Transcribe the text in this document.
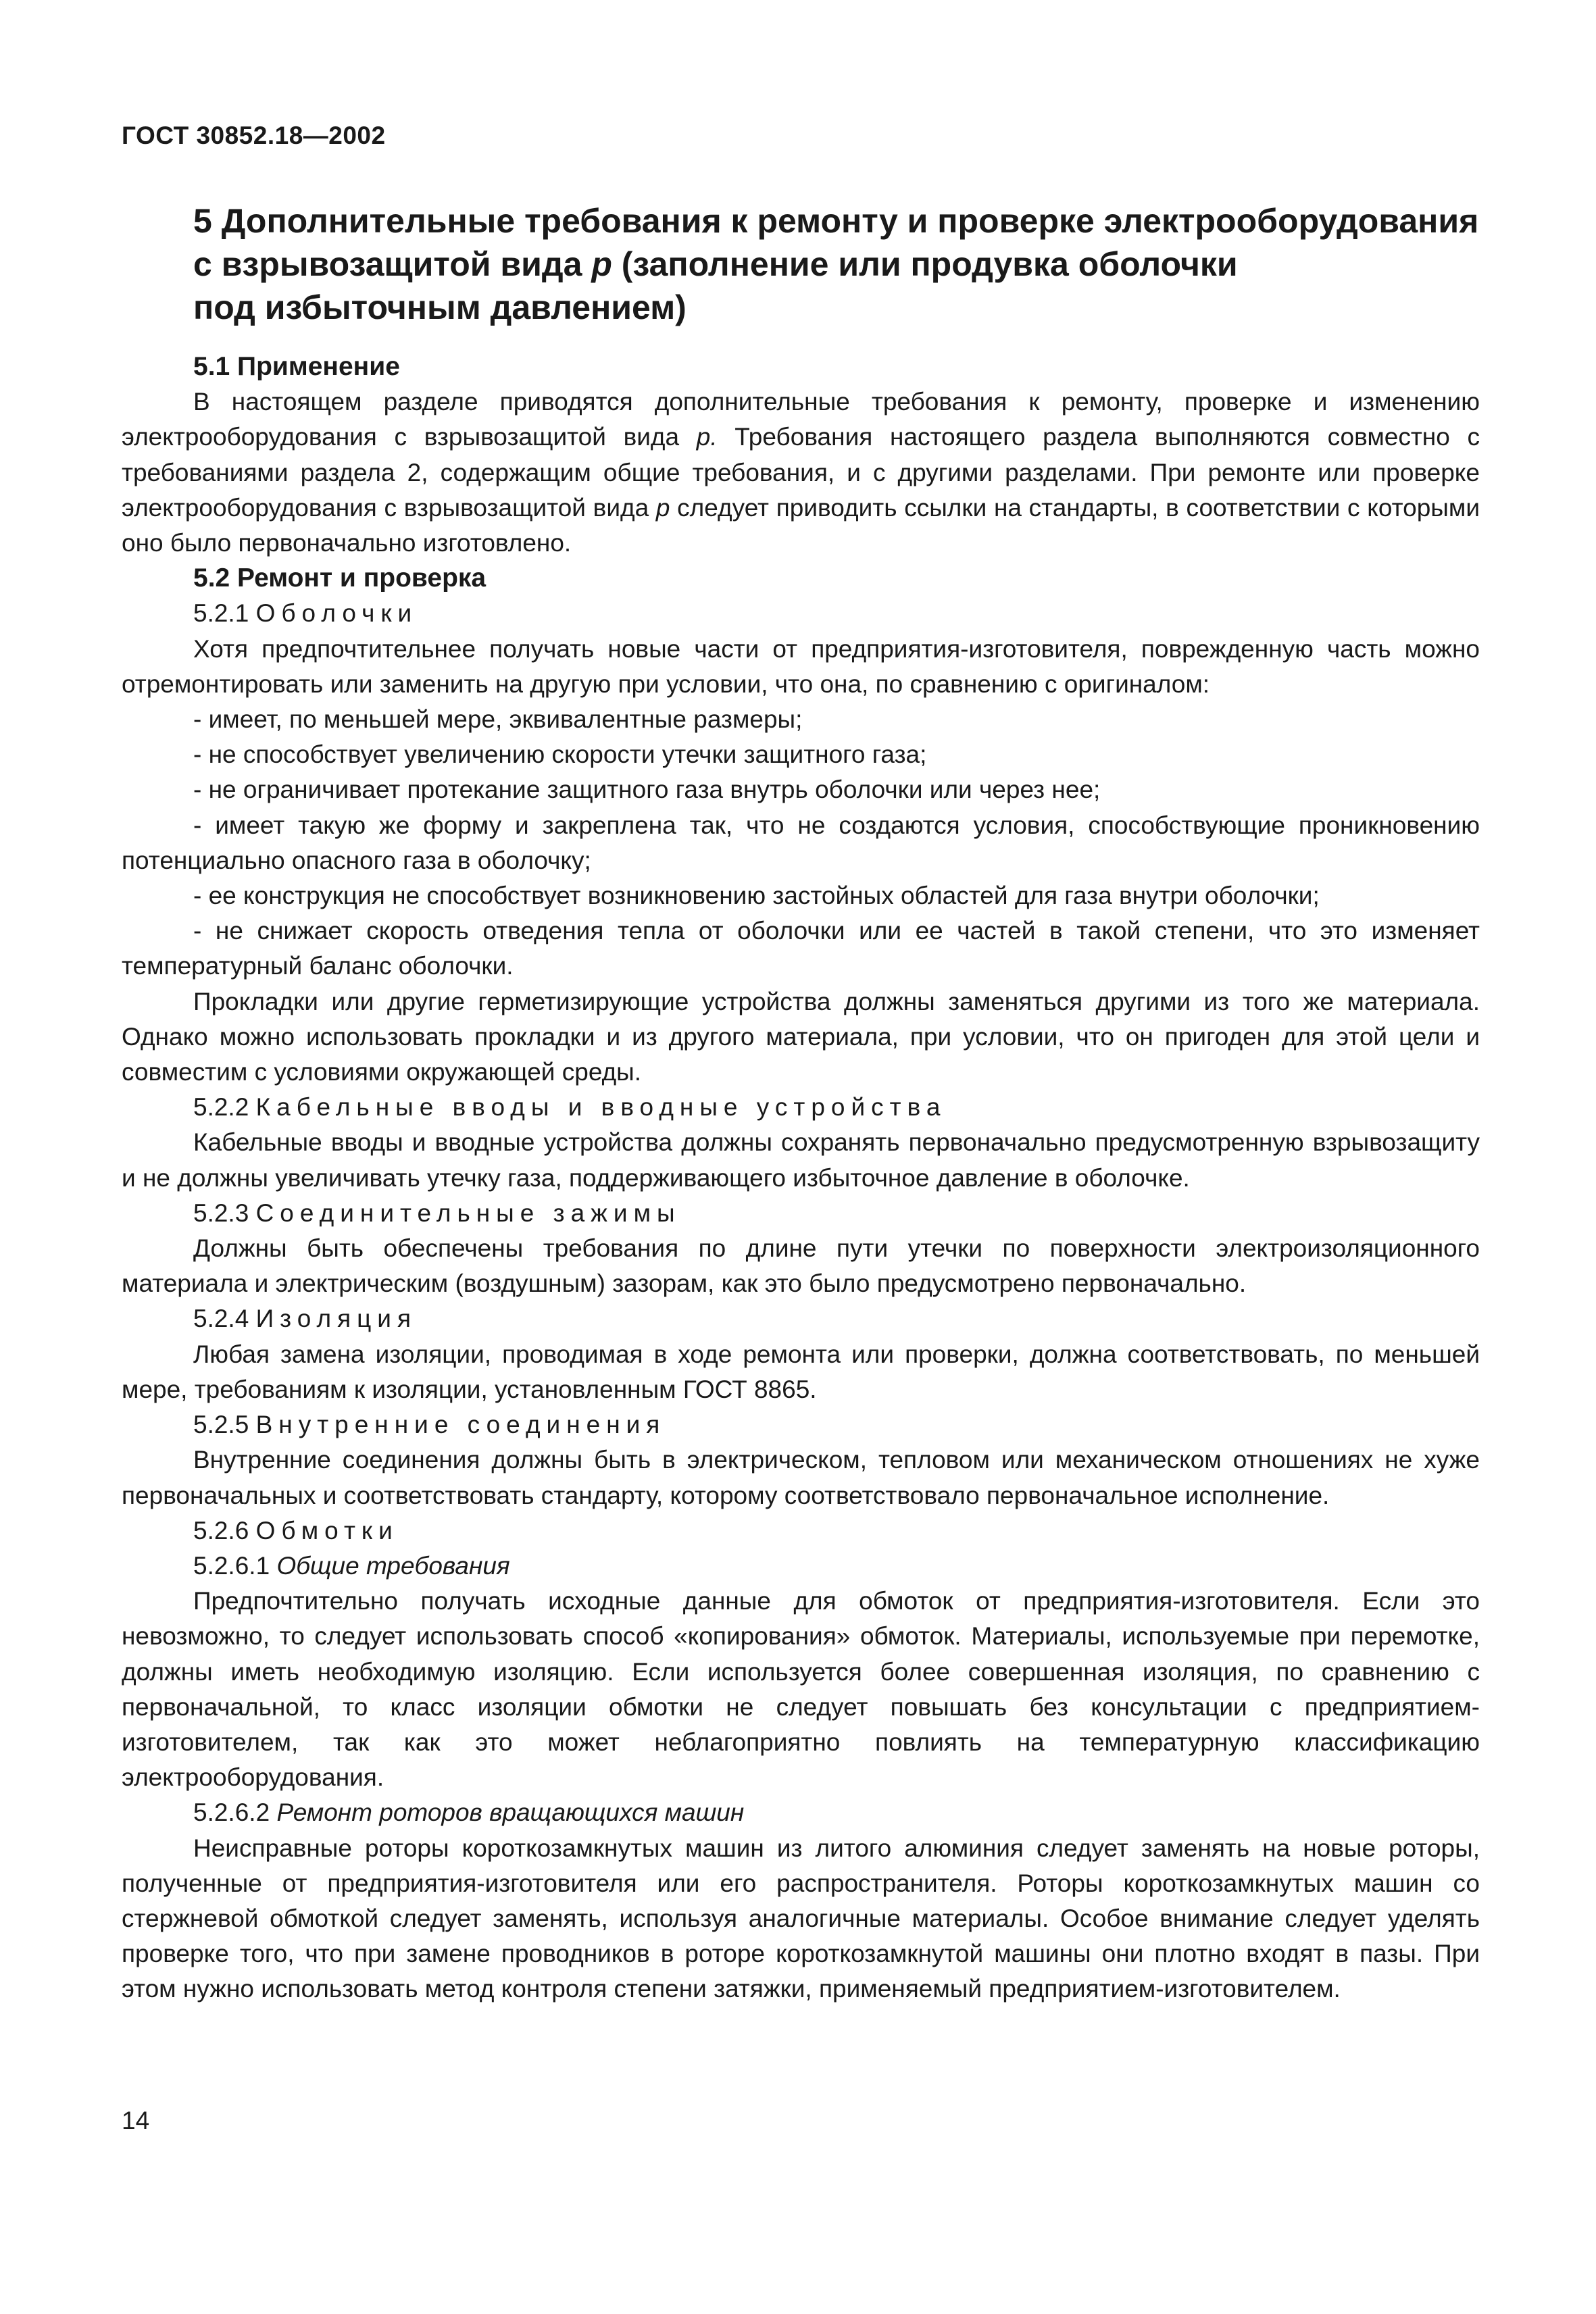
ГОСТ 30852.18—2002
5 Дополнительные требования к ремонту и проверке электрооборудования
с взрывозащитой вида р (заполнение или продувка оболочки
под избыточным давлением)
5.1 Применение

В настоящем разделе приводятся дополнительные требования к ремонту, проверке и изменению электрооборудования с взрывозащитой вида р. Требования настоящего раздела выполняются совместно с требованиями раздела 2, содержащим общие требования, и с другими разделами. При ремонте или проверке электрооборудования с взрывозащитой вида р следует приводить ссылки на стандарты, в соответствии с которыми оно было первоначально изготовлено.

5.2 Ремонт и проверка
5.2.1 Оболочки

Хотя предпочтительнее получать новые части от предприятия-изготовителя, поврежденную часть можно отремонтировать или заменить на другую при условии, что она, по сравнению с оригиналом:

- имеет, по меньшей мере, эквивалентные размеры;

- не способствует увеличению скорости утечки защитного газа;

- не ограничивает протекание защитного газа внутрь оболочки или через нее;

- имеет такую же форму и закреплена так, что не создаются условия, способствующие проникновению потенциально опасного газа в оболочку;

- ее конструкция не способствует возникновению застойных областей для газа внутри оболочки;

- не снижает скорость отведения тепла от оболочки или ее частей в такой степени, что это изменяет температурный баланс оболочки.

Прокладки или другие герметизирующие устройства должны заменяться другими из того же материала. Однако можно использовать прокладки и из другого материала, при условии, что он пригоден для этой цели и совместим с условиями окружающей среды.

5.2.2 Кабельные вводы и вводные устройства

Кабельные вводы и вводные устройства должны сохранять первоначально предусмотренную взрывозащиту и не должны увеличивать утечку газа, поддерживающего избыточное давление в оболочке.

5.2.3 Соединительные зажимы

Должны быть обеспечены требования по длине пути утечки по поверхности электроизоляционного материала и электрическим (воздушным) зазорам, как это было предусмотрено первоначально.

5.2.4 Изоляция

Любая замена изоляции, проводимая в ходе ремонта или проверки, должна соответствовать, по меньшей мере, требованиям к изоляции, установленным ГОСТ 8865.

5.2.5 Внутренние соединения

Внутренние соединения должны быть в электрическом, тепловом или механическом отношениях не хуже первоначальных и соответствовать стандарту, которому соответствовало первоначальное исполнение.

5.2.6 Обмотки
5.2.6.1 Общие требования

Предпочтительно получать исходные данные для обмоток от предприятия-изготовителя. Если это невозможно, то следует использовать способ «копирования» обмоток. Материалы, используемые при перемотке, должны иметь необходимую изоляцию. Если используется более совершенная изоляция, по сравнению с первоначальной, то класс изоляции обмотки не следует повышать без консультации с предприятием-изготовителем, так как это может неблагоприятно повлиять на температурную классификацию электрооборудования.

5.2.6.2 Ремонт роторов вращающихся машин

Неисправные роторы короткозамкнутых машин из литого алюминия следует заменять на новые роторы, полученные от предприятия-изготовителя или его распространителя. Роторы короткозамкнутых машин со стержневой обмоткой следует заменять, используя аналогичные материалы. Особое внимание следует уделять проверке того, что при замене проводников в роторе короткозамкнутой машины они плотно входят в пазы. При этом нужно использовать метод контроля степени затяжки, применяемый предприятием-изготовителем.

14
